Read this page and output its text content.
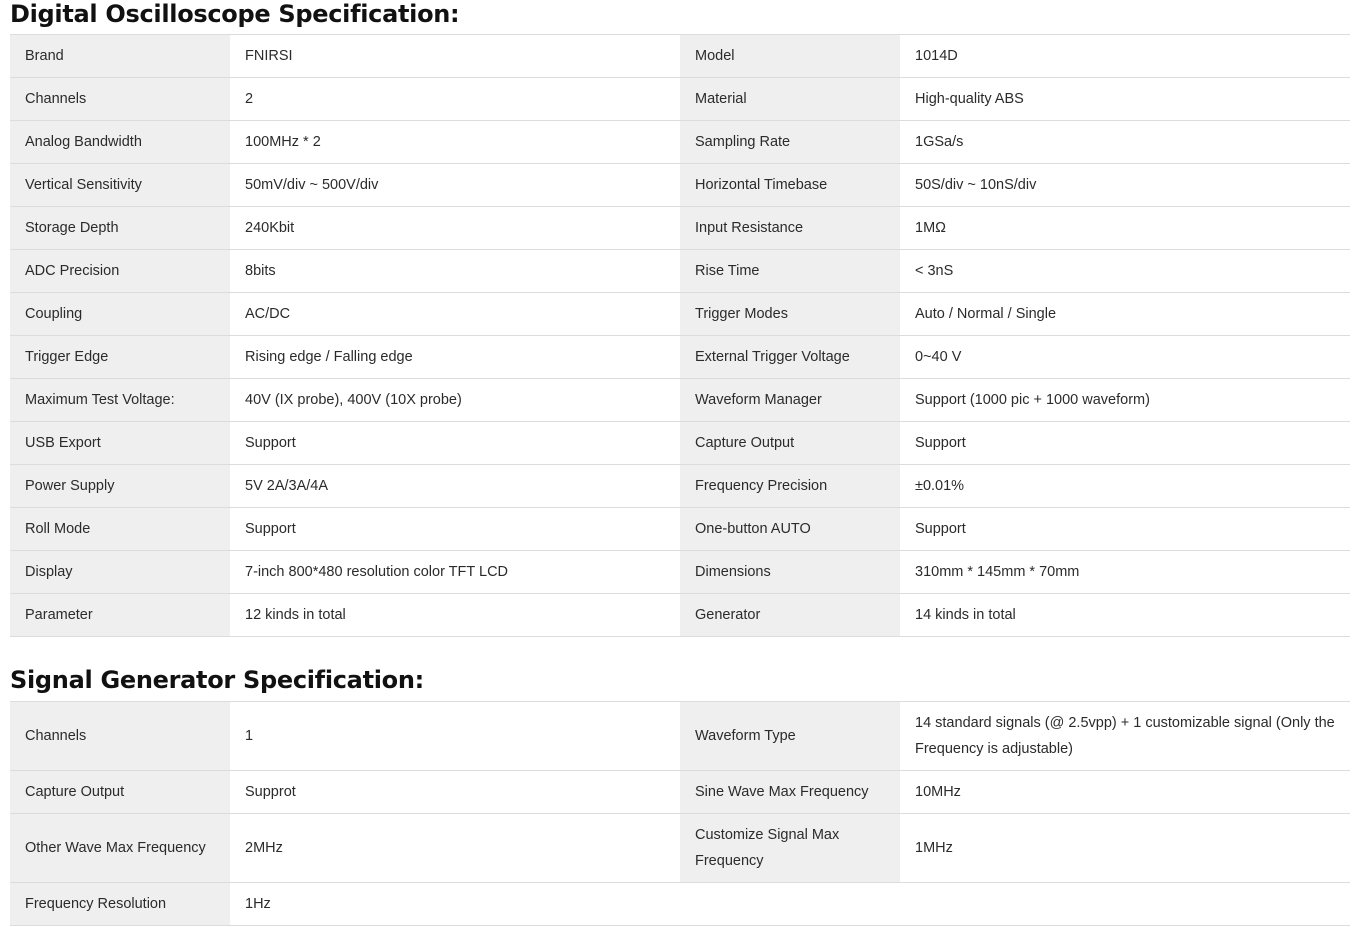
Digital Oscilloscope Specification:
Brand	FNIRSI	Model	1014D
Channels	2	Material	High-quality ABS
Analog Bandwidth	100MHz * 2	Sampling Rate	1GSa/s
Vertical Sensitivity	50mV/div ~ 500V/div	Horizontal Timebase	50S/div ~ 10nS/div
Storage Depth	240Kbit	Input Resistance	1MΩ
ADC Precision	8bits	Rise Time	< 3nS
Coupling	AC/DC	Trigger Modes	Auto / Normal / Single
Trigger Edge	Rising edge / Falling edge	External Trigger Voltage	0~40 V
Maximum Test Voltage:	40V (IX probe), 400V (10X probe)	Waveform Manager	Support (1000 pic + 1000 waveform)
USB Export	Support	Capture Output	Support
Power Supply	5V 2A/3A/4A	Frequency Precision	±0.01%
Roll Mode	Support	One-button AUTO	Support
Display	7-inch 800*480 resolution color TFT LCD	Dimensions	310mm * 145mm * 70mm
Parameter	12 kinds in total	Generator	14 kinds in total
Signal Generator Specification:
Channels	1	Waveform Type	14 standard signals (@ 2.5vpp) + 1 customizable signal (Only the Frequency is adjustable)
Capture Output	Supprot	Sine Wave Max Frequency	10MHz
Other Wave Max Frequency	2MHz	Customize Signal Max Frequency	1MHz
Frequency Resolution	1Hz		
